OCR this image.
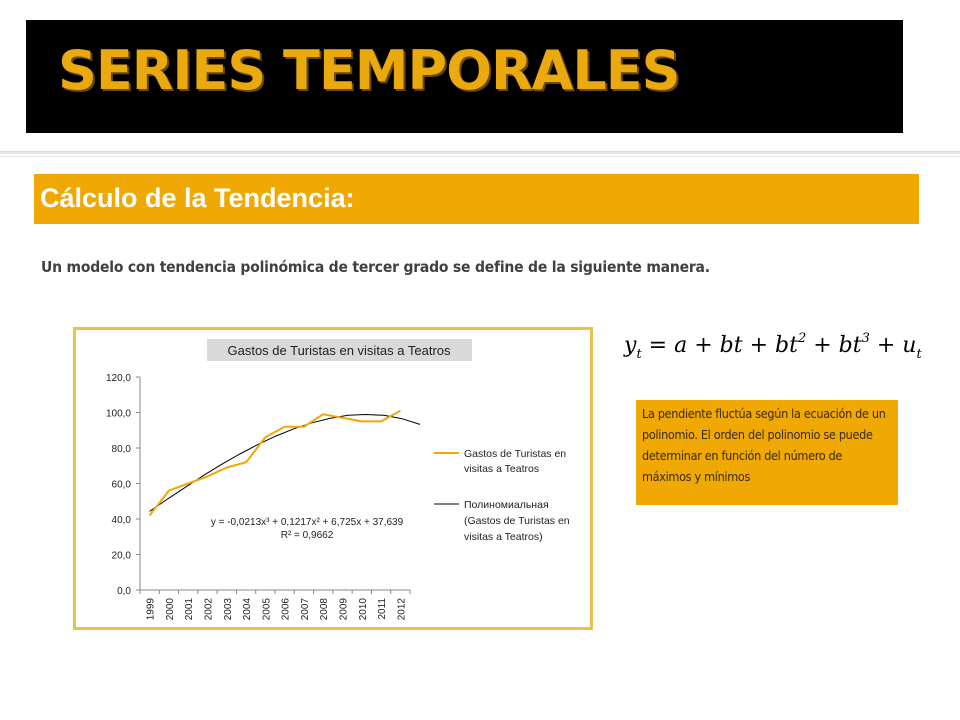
SERIES TEMPORALES
Cálculo de la Tendencia:
Un modelo con tendencia polinómica de tercer grado se define de la siguiente manera.
Gastos de Turistas en visitas a Teatros
0,0
20,0
40,0
60,0
80,0
100,0
120,0
1999 2000 2001 2002 2003 2004 2005 2006 2007 2008 2009 2010 2011 2012
y = -0,0213x³ + 0,1217x² + 6,725x + 37,639
R² = 0,9662
Gastos de Turistas en visitas a Teatros
Полиномиальная (Gastos de Turistas en visitas a Teatros)
$y_t = a$ + bt + $bt^2 + bt^3 + u_t$
La pendiente fluctúa según la ecuación de un polinomio. El orden del polinomio se puede determinar en función del número de máximos y mínimos
